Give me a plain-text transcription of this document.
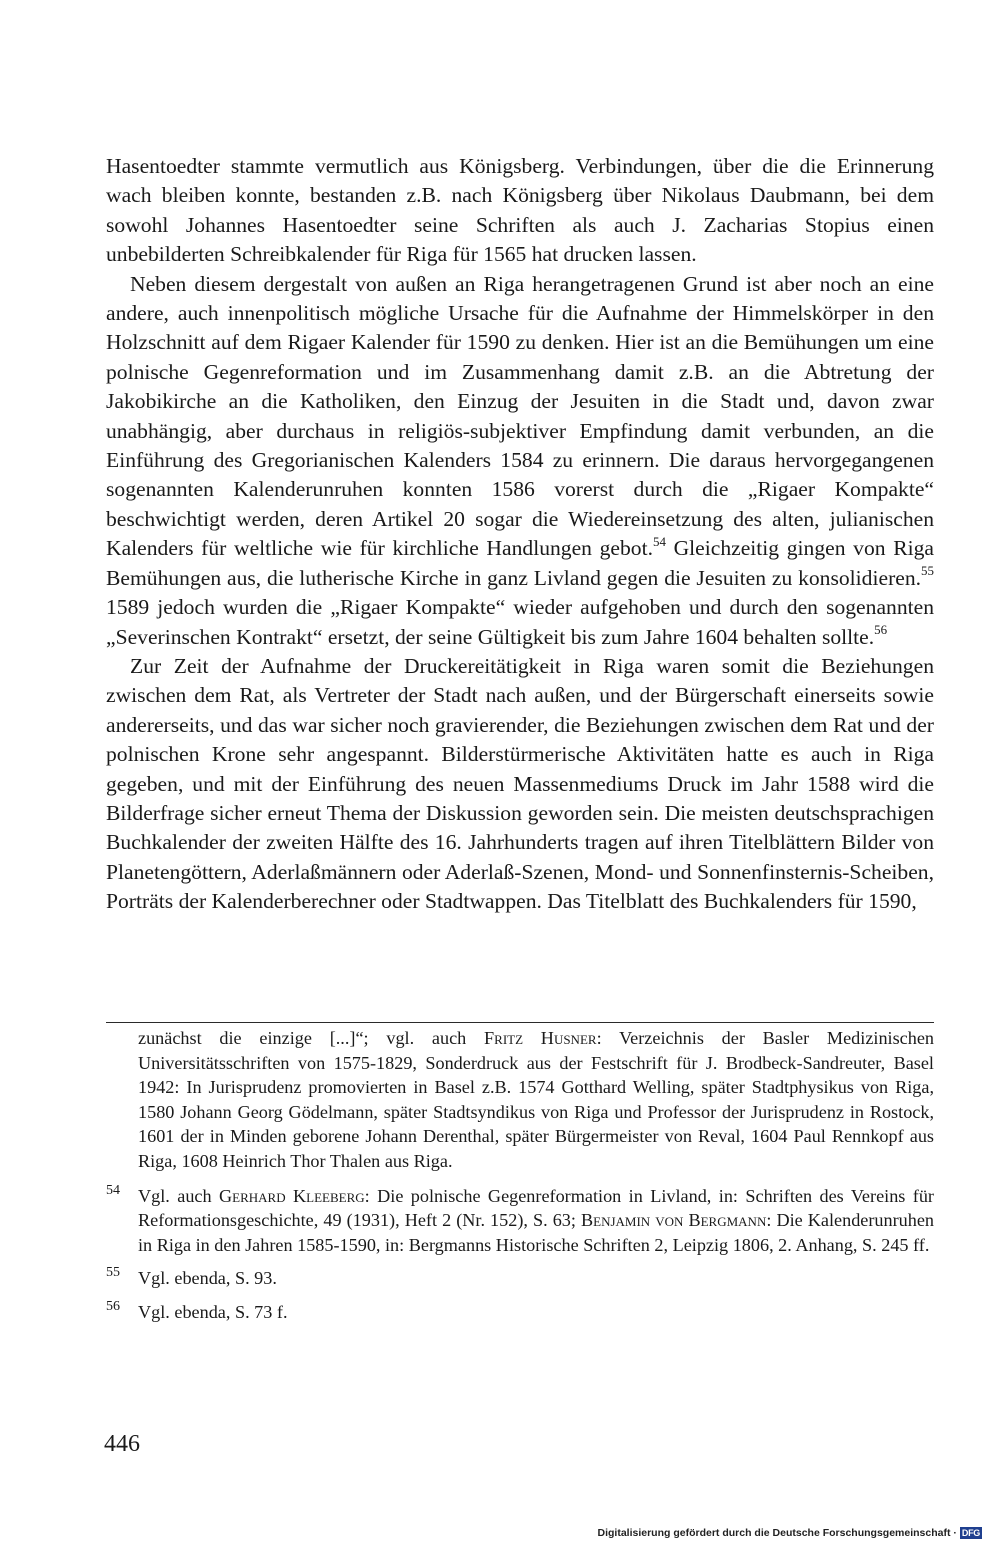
Hasentoedter stammte vermutlich aus Königsberg. Verbindungen, über die die Erinnerung wach bleiben konnte, bestanden z.B. nach Königsberg über Nikolaus Daubmann, bei dem sowohl Johannes Hasentoedter seine Schriften als auch J. Zacharias Stopius einen unbebilderten Schreibkalender für Riga für 1565 hat drucken lassen.

Neben diesem dergestalt von außen an Riga herangetragenen Grund ist aber noch an eine andere, auch innenpolitisch mögliche Ursache für die Aufnahme der Himmelskörper in den Holzschnitt auf dem Rigaer Kalender für 1590 zu denken. Hier ist an die Bemühungen um eine polnische Gegenreformation und im Zusammenhang damit z.B. an die Abtretung der Jakobikirche an die Katholiken, den Einzug der Jesuiten in die Stadt und, davon zwar unabhängig, aber durchaus in religiös-subjektiver Empfindung damit verbunden, an die Einführung des Gregorianischen Kalenders 1584 zu erinnern. Die daraus hervorgegangenen sogenannten Kalenderunruhen konnten 1586 vorerst durch die „Rigaer Kompakte“ beschwichtigt werden, deren Artikel 20 sogar die Wiedereinsetzung des alten, julianischen Kalenders für weltliche wie für kirchliche Handlungen gebot.$^{54}$ Gleichzeitig gingen von Riga Bemühungen aus, die lutherische Kirche in ganz Livland gegen die Jesuiten zu konsolidieren.$^{55}$ 1589 jedoch wurden die „Rigaer Kompakte“ wieder aufgehoben und durch den sogenannten „Severinschen Kontrakt“ ersetzt, der seine Gültigkeit bis zum Jahre 1604 behalten sollte.$^{56}$

Zur Zeit der Aufnahme der Druckereitätigkeit in Riga waren somit die Beziehungen zwischen dem Rat, als Vertreter der Stadt nach außen, und der Bürgerschaft einerseits sowie andererseits, und das war sicher noch gravierender, die Beziehungen zwischen dem Rat und der polnischen Krone sehr angespannt. Bilderstürmerische Aktivitäten hatte es auch in Riga gegeben, und mit der Einführung des neuen Massenmediums Druck im Jahr 1588 wird die Bilderfrage sicher erneut Thema der Diskussion geworden sein. Die meisten deutschsprachigen Buchkalender der zweiten Hälfte des 16. Jahrhunderts tragen auf ihren Titelblättern Bilder von Planetengöttern, Aderlaßmännern oder Aderlaß-Szenen, Mond- und Sonnenfinsternis-Scheiben, Porträts der Kalenderberechner oder Stadtwappen. Das Titelblatt des Buchkalenders für 1590,

zunächst die einzige [...]“; vgl. auch Fritz Husner: Verzeichnis der Basler Medizinischen Universitätsschriften von 1575-1829, Sonderdruck aus der Festschrift für J. Brodbeck-Sandreuter, Basel 1942: In Jurisprudenz promovierten in Basel z.B. 1574 Gotthard Welling, später Stadtphysikus von Riga, 1580 Johann Georg Gödelmann, später Stadtsyndikus von Riga und Professor der Jurisprudenz in Rostock, 1601 der in Minden geborene Johann Derenthal, später Bürgermeister von Reval, 1604 Paul Rennkopf aus Riga, 1608 Heinrich Thor Thalen aus Riga.
54 Vgl. auch Gerhard Kleeberg: Die polnische Gegenreformation in Livland, in: Schriften des Vereins für Reformationsgeschichte, 49 (1931), Heft 2 (Nr. 152), S. 63; Benjamin von Bergmann: Die Kalenderunruhen in Riga in den Jahren 1585-1590, in: Bergmanns Historische Schriften 2, Leipzig 1806, 2. Anhang, S. 245 ff.
55 Vgl. ebenda, S. 93.
56 Vgl. ebenda, S. 73 f.
446
Digitalisierung gefördert durch die Deutsche Forschungsgemeinschaft · DFG
